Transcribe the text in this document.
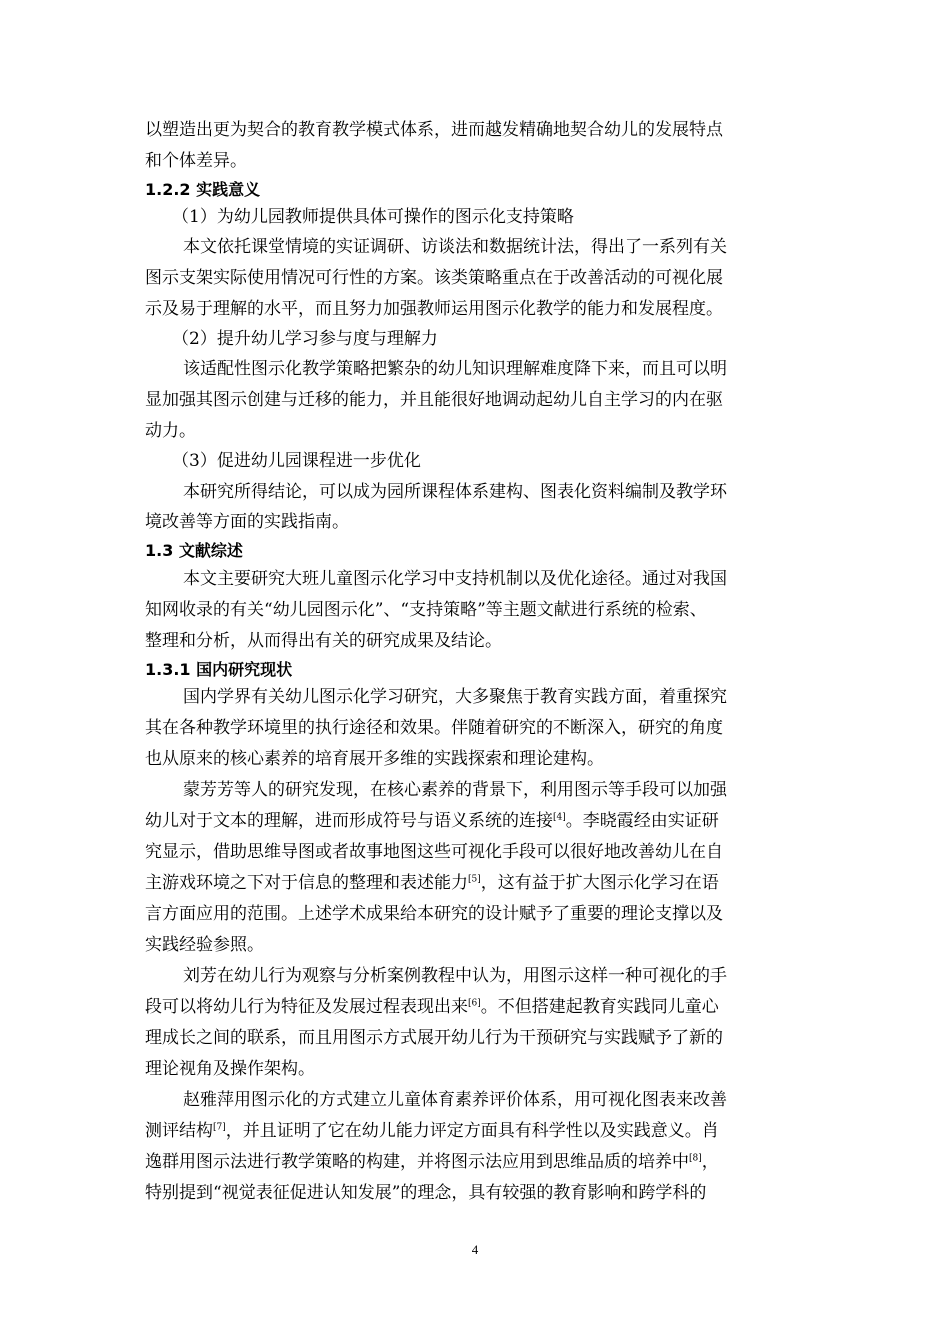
以塑造出更为契合的教育教学模式体系，进而越发精确地契合幼儿的发展特点
和个体差异。
1.2.2 实践意义
（1）为幼儿园教师提供具体可操作的图示化支持策略
本文依托课堂情境的实证调研、访谈法和数据统计法，得出了一系列有关
图示支架实际使用情况可行性的方案。该类策略重点在于改善活动的可视化展
示及易于理解的水平，而且努力加强教师运用图示化教学的能力和发展程度。
（2）提升幼儿学习参与度与理解力
该适配性图示化教学策略把繁杂的幼儿知识理解难度降下来，而且可以明
显加强其图示创建与迁移的能力，并且能很好地调动起幼儿自主学习的内在驱
动力。
（3）促进幼儿园课程进一步优化
本研究所得结论，可以成为园所课程体系建构、图表化资料编制及教学环
境改善等方面的实践指南。
1.3 文献综述
本文主要研究大班儿童图示化学习中支持机制以及优化途径。通过对我国
知网收录的有关“幼儿园图示化”、“支持策略”等主题文献进行系统的检索、
整理和分析，从而得出有关的研究成果及结论。
1.3.1 国内研究现状
国内学界有关幼儿图示化学习研究，大多聚焦于教育实践方面，着重探究
其在各种教学环境里的执行途径和效果。伴随着研究的不断深入，研究的角度
也从原来的核心素养的培育展开多维的实践探索和理论建构。
蒙芳芳等人的研究发现，在核心素养的背景下，利用图示等手段可以加强
幼儿对于文本的理解，进而形成符号与语义系统的连接[4]。李晓霞经由实证研
究显示，借助思维导图或者故事地图这些可视化手段可以很好地改善幼儿在自
主游戏环境之下对于信息的整理和表述能力[5]，这有益于扩大图示化学习在语
言方面应用的范围。上述学术成果给本研究的设计赋予了重要的理论支撑以及
实践经验参照。
刘芳在幼儿行为观察与分析案例教程中认为，用图示这样一种可视化的手
段可以将幼儿行为特征及发展过程表现出来[6]。不但搭建起教育实践同儿童心
理成长之间的联系，而且用图示方式展开幼儿行为干预研究与实践赋予了新的
理论视角及操作架构。
赵雅萍用图示化的方式建立儿童体育素养评价体系，用可视化图表来改善
测评结构[7]，并且证明了它在幼儿能力评定方面具有科学性以及实践意义。肖
逸群用图示法进行教学策略的构建，并将图示法应用到思维品质的培养中[8]，
特别提到“视觉表征促进认知发展”的理念，具有较强的教育影响和跨学科的
4
